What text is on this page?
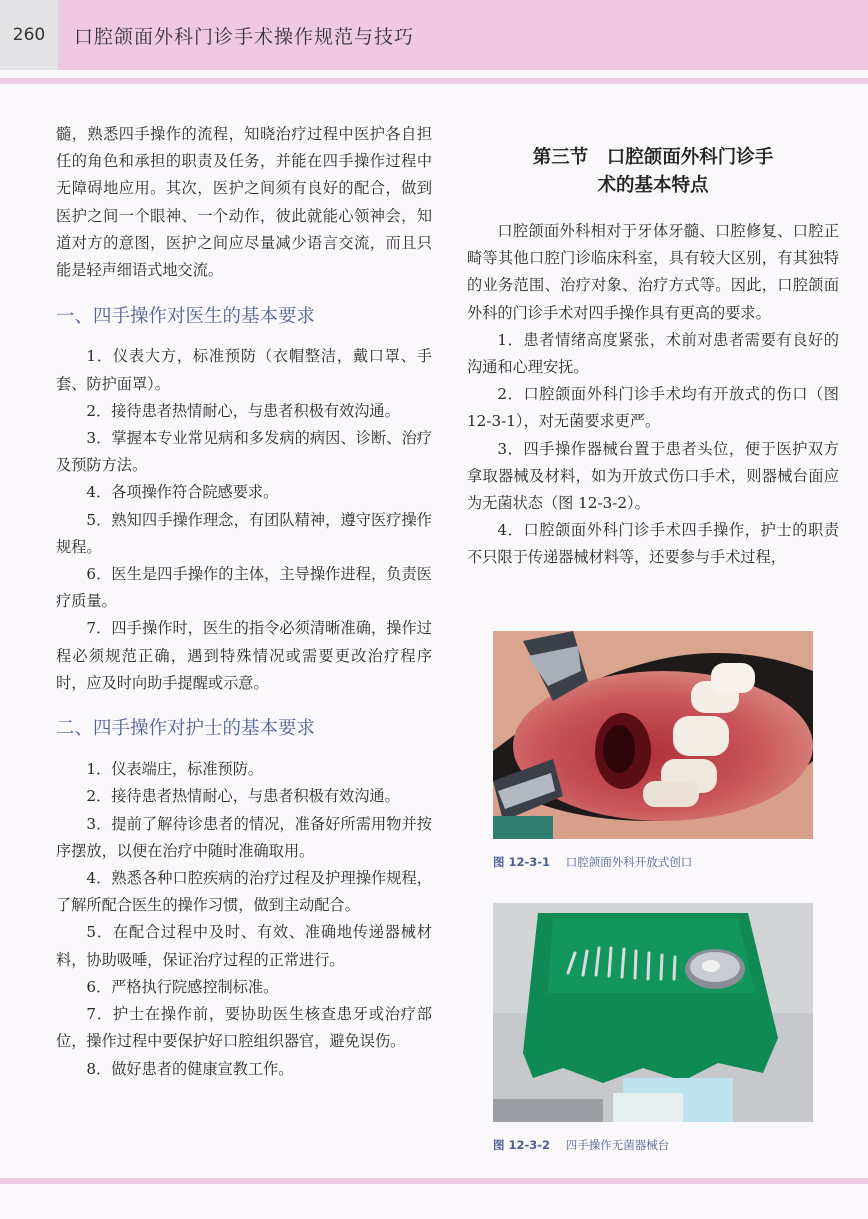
260	口腔颌面外科门诊手术操作规范与技巧

髓，熟悉四手操作的流程，知晓治疗过程中医护各自担任的角色和承担的职责及任务，并能在四手操作过程中无障碍地应用。其次，医护之间须有良好的配合，做到医护之间一个眼神、一个动作，彼此就能心领神会，知道对方的意图，医护之间应尽量减少语言交流，而且只能是轻声细语式地交流。

一、四手操作对医生的基本要求

1．仪表大方，标准预防（衣帽整洁，戴口罩、手套、防护面罩）。

2．接待患者热情耐心，与患者积极有效沟通。

3．掌握本专业常见病和多发病的病因、诊断、治疗及预防方法。

4．各项操作符合院感要求。

5．熟知四手操作理念，有团队精神，遵守医疗操作规程。

6．医生是四手操作的主体，主导操作进程，负责医疗质量。

7．四手操作时，医生的指令必须清晰准确，操作过程必须规范正确，遇到特殊情况或需要更改治疗程序时，应及时向助手提醒或示意。

二、四手操作对护士的基本要求

1．仪表端庄，标准预防。

2．接待患者热情耐心，与患者积极有效沟通。

3．提前了解待诊患者的情况，准备好所需用物并按序摆放，以便在治疗中随时准确取用。

4．熟悉各种口腔疾病的治疗过程及护理操作规程，了解所配合医生的操作习惯，做到主动配合。

5．在配合过程中及时、有效、准确地传递器械材料，协助吸唾，保证治疗过程的正常进行。

6．严格执行院感控制标准。

7．护士在操作前，要协助医生核查患牙或治疗部位，操作过程中要保护好口腔组织器官，避免误伤。

8．做好患者的健康宣教工作。

第三节　口腔颌面外科门诊手
术的基本特点

口腔颌面外科相对于牙体牙髓、口腔修复、口腔正畸等其他口腔门诊临床科室，具有较大区别，有其独特的业务范围、治疗对象、治疗方式等。因此，口腔颌面外科的门诊手术对四手操作具有更高的要求。

1．患者情绪高度紧张，术前对患者需要有良好的沟通和心理安抚。

2．口腔颌面外科门诊手术均有开放式的伤口（图 12-3-1），对无菌要求更严。

3．四手操作器械台置于患者头位，便于医护双方拿取器械及材料，如为开放式伤口手术，则器械台面应为无菌状态（图 12-3-2）。

4．口腔颌面外科门诊手术四手操作，护士的职责不只限于传递器械材料等，还要参与手术过程，

图 12-3-1 口腔颌面外科开放式创口
图 12-3-2 四手操作无菌器械台
